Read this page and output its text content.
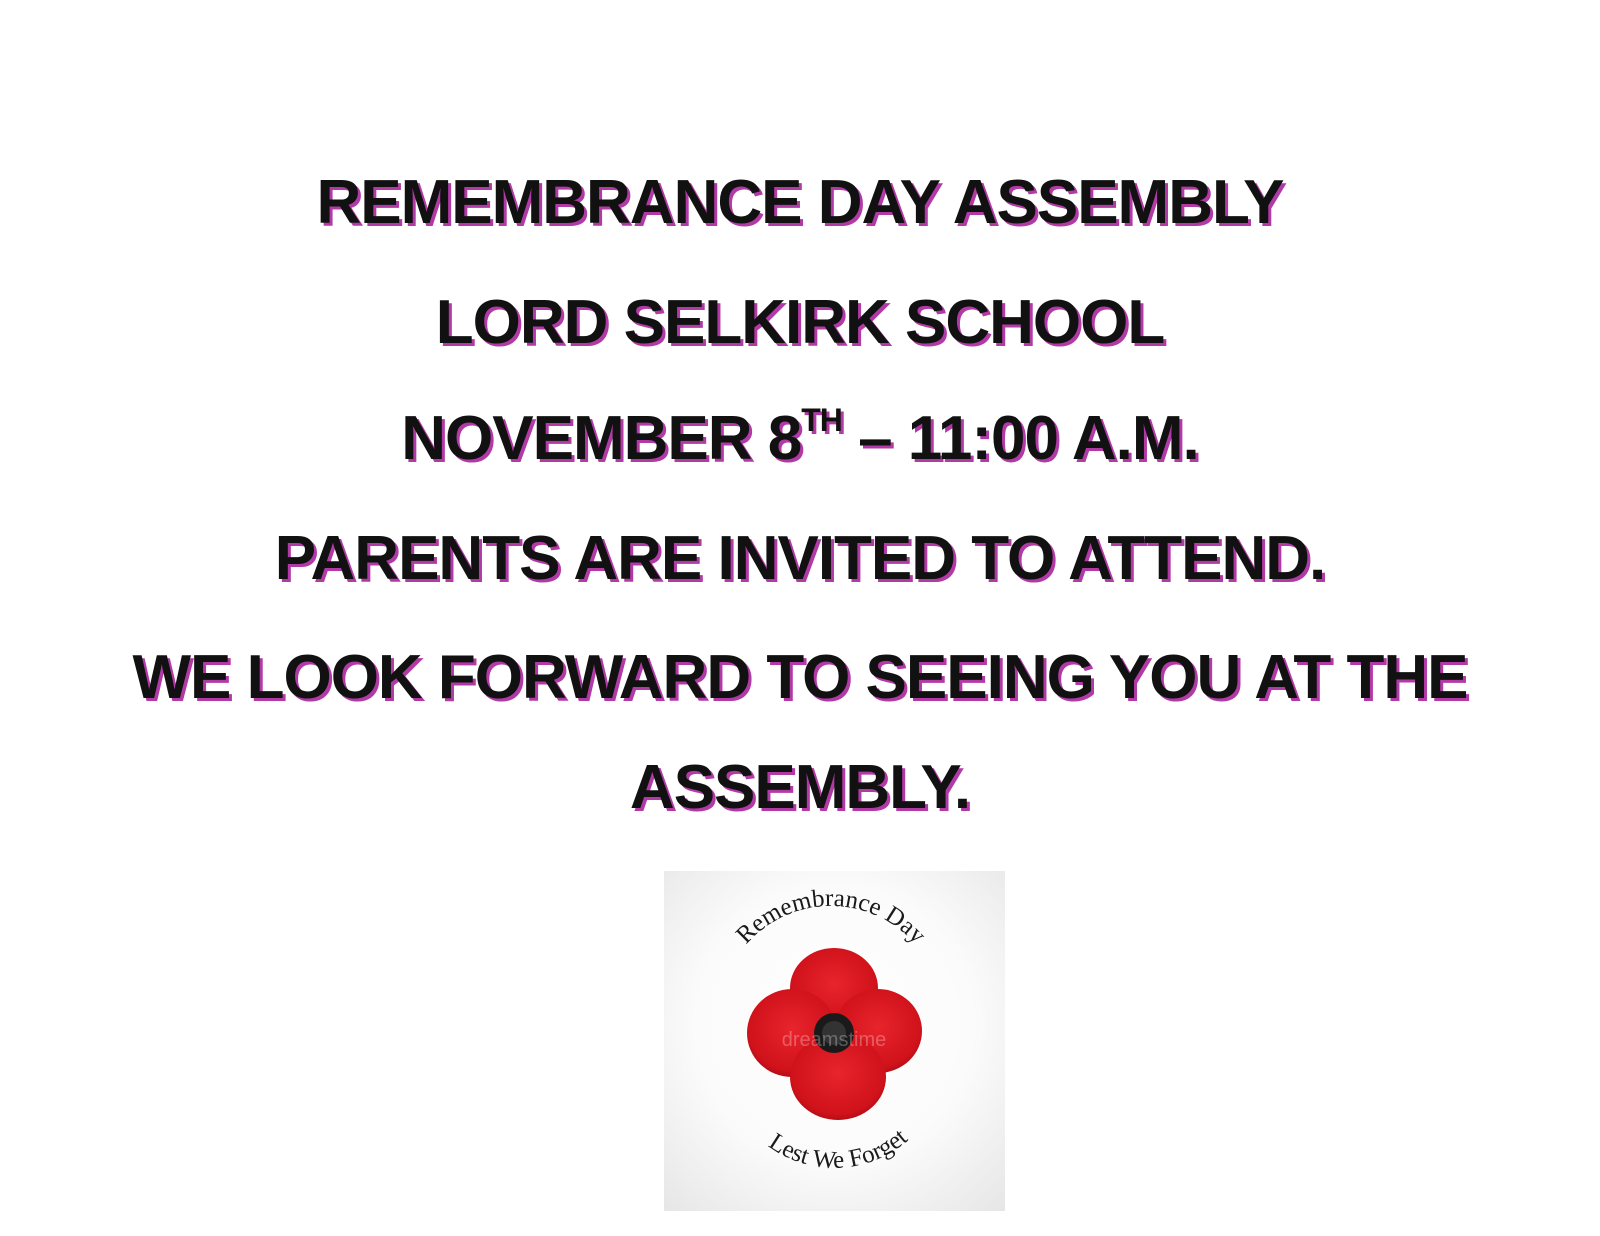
REMEMBRANCE DAY ASSEMBLY
LORD SELKIRK SCHOOL
NOVEMBER 8TH – 11:00 A.M.
PARENTS ARE INVITED TO ATTEND.
WE LOOK FORWARD TO SEEING YOU AT THE
ASSEMBLY.
Remembrance Day
dreamstime
Lest We Forget
